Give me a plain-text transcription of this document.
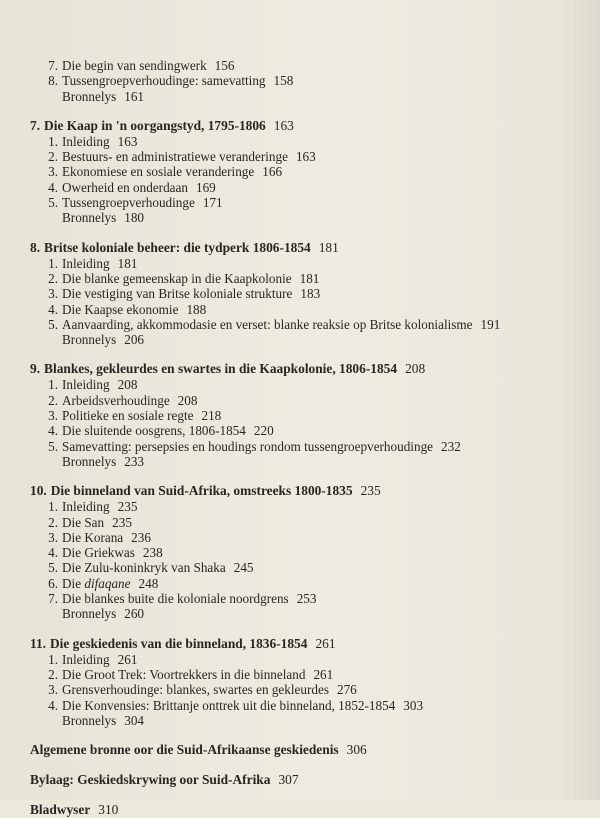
7. Die begin van sendingwerk 156
8. Tussengroepverhoudinge: samevatting 158
Bronnelys 161
7. Die Kaap in 'n oorgangstyd, 1795-1806 163
1. Inleiding 163
2. Bestuurs- en administratiewe veranderinge 163
3. Ekonomiese en sosiale veranderinge 166
4. Owerheid en onderdaan 169
5. Tussengroepverhoudinge 171
Bronnelys 180
8. Britse koloniale beheer: die tydperk 1806-1854 181
1. Inleiding 181
2. Die blanke gemeenskap in die Kaapkolonie 181
3. Die vestiging van Britse koloniale strukture 183
4. Die Kaapse ekonomie 188
5. Aanvaarding, akkommodasie en verset: blanke reaksie op Britse kolonialisme 191
Bronnelys 206
9. Blankes, gekleurdes en swartes in die Kaapkolonie, 1806-1854 208
1. Inleiding 208
2. Arbeidsverhoudinge 208
3. Politieke en sosiale regte 218
4. Die sluitende oosgrens, 1806-1854 220
5. Samevatting: persepsies en houdings rondom tussengroepverhoudinge 232
Bronnelys 233
10. Die binneland van Suid-Afrika, omstreeks 1800-1835 235
1. Inleiding 235
2. Die San 235
3. Die Korana 236
4. Die Griekwas 238
5. Die Zulu-koninkryk van Shaka 245
6. Die difaqane 248
7. Die blankes buite die koloniale noordgrens 253
Bronnelys 260
11. Die geskiedenis van die binneland, 1836-1854 261
1. Inleiding 261
2. Die Groot Trek: Voortrekkers in die binneland 261
3. Grensverhoudinge: blankes, swartes en gekleurdes 276
4. Die Konvensies: Brittanje onttrek uit die binneland, 1852-1854 303
Bronnelys 304
Algemene bronne oor die Suid-Afrikaanse geskiedenis 306
Bylaag: Geskiedskrywing oor Suid-Afrika 307
Bladwyser 310
